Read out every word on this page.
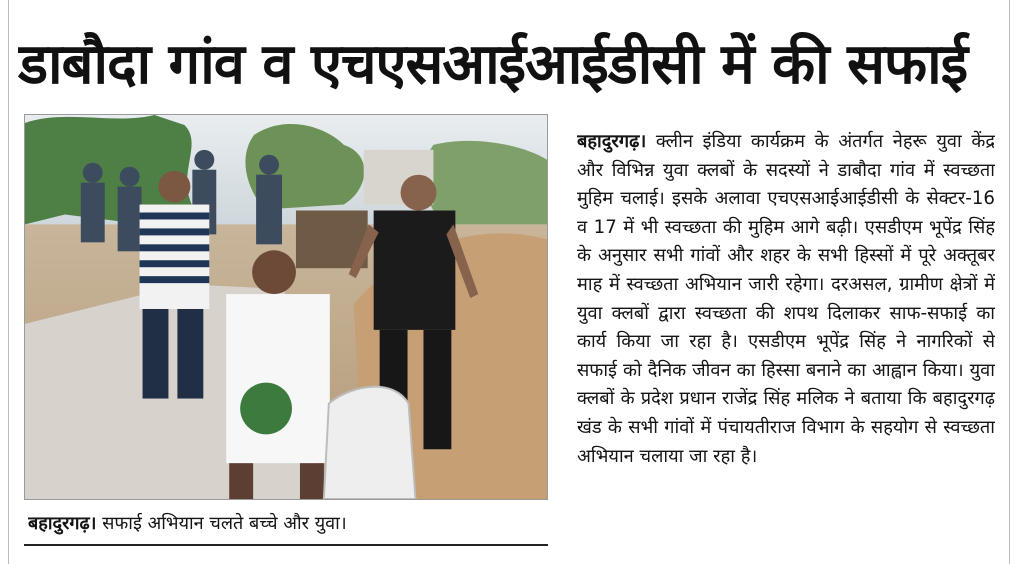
डाबौदा गांव व एचएसआईआईडीसी में की सफाई
बहादुरगढ़। सफाई अभियान चलते बच्चे और युवा।

बहादुरगढ़। क्लीन इंडिया कार्यक्रम के अंतर्गत नेहरू युवा केंद्र और विभिन्न युवा क्लबों के सदस्यों ने डाबौदा गांव में स्वच्छता मुहिम चलाई। इसके अलावा एचएसआईआईडीसी के सेक्टर-16 व 17 में भी स्वच्छता की मुहिम आगे बढ़ी। एसडीएम भूपेंद्र सिंह के अनुसार सभी गांवों और शहर के सभी हिस्सों में पूरे अक्तूबर माह में स्वच्छता अभियान जारी रहेगा। दरअसल, ग्रामीण क्षेत्रों में युवा क्लबों द्वारा स्वच्छता की शपथ दिलाकर साफ-सफाई का कार्य किया जा रहा है। एसडीएम भूपेंद्र सिंह ने नागरिकों से सफाई को दैनिक जीवन का हिस्सा बनाने का आह्वान किया। युवा क्लबों के प्रदेश प्रधान राजेंद्र सिंह मलिक ने बताया कि बहादुरगढ़ खंड के सभी गांवों में पंचायतीराज विभाग के सहयोग से स्वच्छता अभियान चलाया जा रहा है।
